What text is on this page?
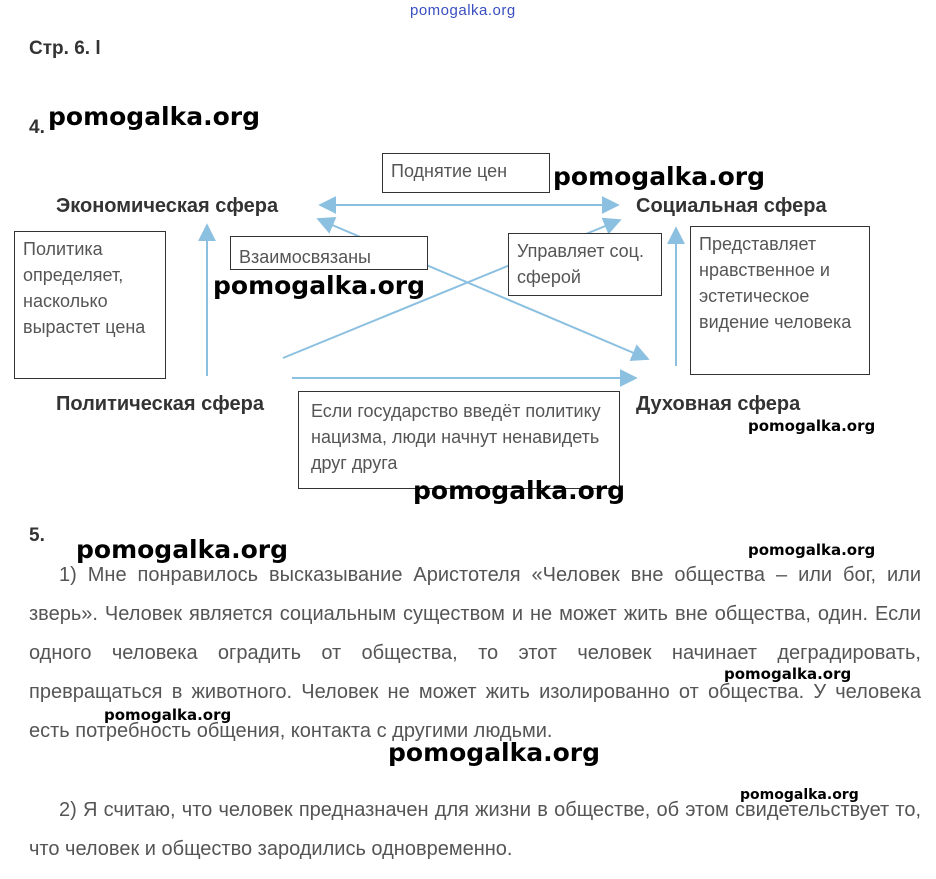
pomogalka.org
Стр. 6. l
4. pomogalka.org
Экономическая сфера	Социальная сфера
Политическая сфера	Духовная сфера
Поднятие цен
Политика определяет, насколько вырастет цена
Взаимосвязаны	Управляет соц. сферой
Представляет нравственное и эстетическое видение человека
Если государство введёт политику нацизма, люди начнут ненавидеть друг друга
pomogalka.org
pomogalka.org
pomogalka.org
pomogalka.org
5. pomogalka.org	pomogalka.org
1) Мне понравилось высказывание Аристотеля «Человек вне общества – или бог, или зверь». Человек является социальным существом и не может жить вне общества, один. Если одного человека оградить от общества, то этот человек начинает деградировать, превращаться в животного. Человек не может жить изолированно от общества. У человека есть потребность общения, контакта с другими людьми.
pomogalka.org
pomogalka.org
pomogalka.org
pomogalka.org
2) Я считаю, что человек предназначен для жизни в обществе, об этом свидетельствует то, что человек и общество зародились одновременно.
